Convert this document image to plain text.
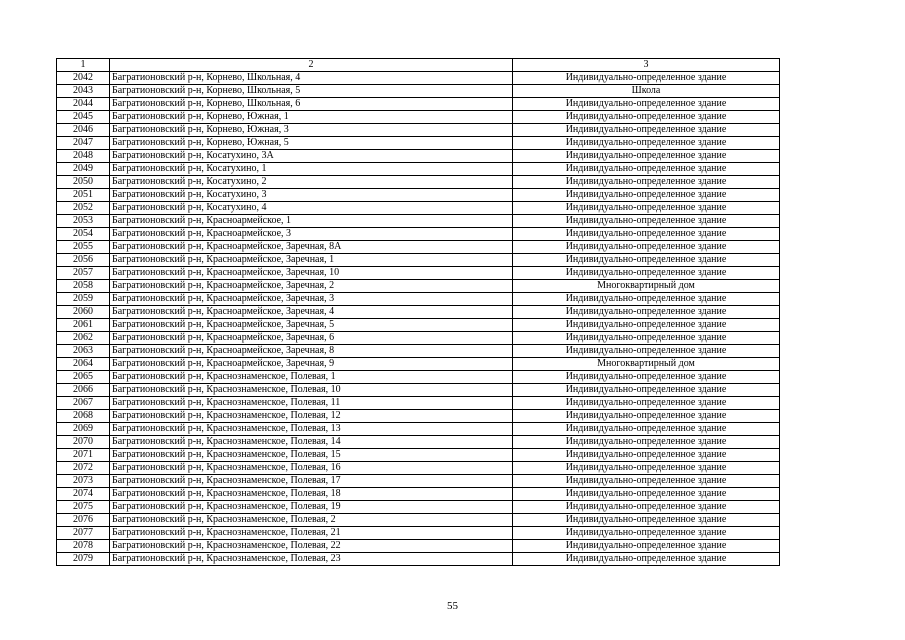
1	2	3
2042	Багратионовский р-н, Корнево, Школьная, 4	Индивидуально-определенное здание
2043	Багратионовский р-н, Корнево, Школьная, 5	Школа
2044	Багратионовский р-н, Корнево, Школьная, 6	Индивидуально-определенное здание
2045	Багратионовский р-н, Корнево, Южная, 1	Индивидуально-определенное здание
2046	Багратионовский р-н, Корнево, Южная, 3	Индивидуально-определенное здание
2047	Багратионовский р-н, Корнево, Южная, 5	Индивидуально-определенное здание
2048	Багратионовский р-н, Косатухино, 3А	Индивидуально-определенное здание
2049	Багратионовский р-н, Косатухино, 1	Индивидуально-определенное здание
2050	Багратионовский р-н, Косатухино, 2	Индивидуально-определенное здание
2051	Багратионовский р-н, Косатухино, 3	Индивидуально-определенное здание
2052	Багратионовский р-н, Косатухино, 4	Индивидуально-определенное здание
2053	Багратионовский р-н, Красноармейское, 1	Индивидуально-определенное здание
2054	Багратионовский р-н, Красноармейское, 3	Индивидуально-определенное здание
2055	Багратионовский р-н, Красноармейское, Заречная, 8А	Индивидуально-определенное здание
2056	Багратионовский р-н, Красноармейское, Заречная, 1	Индивидуально-определенное здание
2057	Багратионовский р-н, Красноармейское, Заречная, 10	Индивидуально-определенное здание
2058	Багратионовский р-н, Красноармейское, Заречная, 2	Многоквартирный дом
2059	Багратионовский р-н, Красноармейское, Заречная, 3	Индивидуально-определенное здание
2060	Багратионовский р-н, Красноармейское, Заречная, 4	Индивидуально-определенное здание
2061	Багратионовский р-н, Красноармейское, Заречная, 5	Индивидуально-определенное здание
2062	Багратионовский р-н, Красноармейское, Заречная, 6	Индивидуально-определенное здание
2063	Багратионовский р-н, Красноармейское, Заречная, 8	Индивидуально-определенное здание
2064	Багратионовский р-н, Красноармейское, Заречная, 9	Многоквартирный дом
2065	Багратионовский р-н, Краснознаменское, Полевая, 1	Индивидуально-определенное здание
2066	Багратионовский р-н, Краснознаменское, Полевая, 10	Индивидуально-определенное здание
2067	Багратионовский р-н, Краснознаменское, Полевая, 11	Индивидуально-определенное здание
2068	Багратионовский р-н, Краснознаменское, Полевая, 12	Индивидуально-определенное здание
2069	Багратионовский р-н, Краснознаменское, Полевая, 13	Индивидуально-определенное здание
2070	Багратионовский р-н, Краснознаменское, Полевая, 14	Индивидуально-определенное здание
2071	Багратионовский р-н, Краснознаменское, Полевая, 15	Индивидуально-определенное здание
2072	Багратионовский р-н, Краснознаменское, Полевая, 16	Индивидуально-определенное здание
2073	Багратионовский р-н, Краснознаменское, Полевая, 17	Индивидуально-определенное здание
2074	Багратионовский р-н, Краснознаменское, Полевая, 18	Индивидуально-определенное здание
2075	Багратионовский р-н, Краснознаменское, Полевая, 19	Индивидуально-определенное здание
2076	Багратионовский р-н, Краснознаменское, Полевая, 2	Индивидуально-определенное здание
2077	Багратионовский р-н, Краснознаменское, Полевая, 21	Индивидуально-определенное здание
2078	Багратионовский р-н, Краснознаменское, Полевая, 22	Индивидуально-определенное здание
2079	Багратионовский р-н, Краснознаменское, Полевая, 23	Индивидуально-определенное здание
55
